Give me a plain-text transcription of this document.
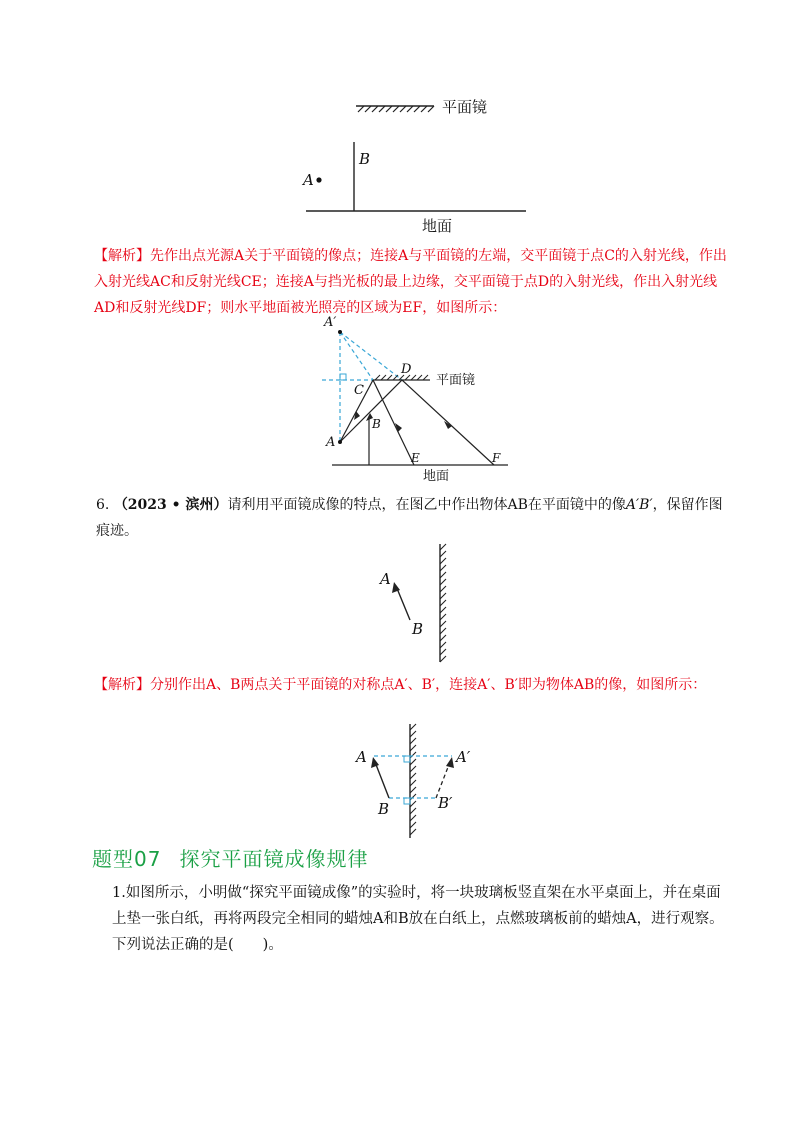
平面镜
B
A
地面
【解析】先作出点光源A关于平面镜的像点；连接A与平面镜的左端，交平面镜于点C的入射光线，作出入射光线AC和反射光线CE；连接A与挡光板的最上边缘，交平面镜于点D的入射光线，作出入射光线AD和反射光线DF；则水平地面被光照亮的区域为EF，如图所示：
A′
D
C
平面镜
B
A
E	F
地面
6. （2023 • 滨州）请利用平面镜成像的特点，在图乙中作出物体AB在平面镜中的像A′B′，保留作图痕迹。
A
B
【解析】分别作出A、B两点关于平面镜的对称点A′、B′，连接A′、B′即为物体AB的像，如图所示：
A
B
A′
B′
题型07 探究平面镜成像规律
1.如图所示，小明做“探究平面镜成像”的实验时，将一块玻璃板竖直架在水平桌面上，并在桌面上垫一张白纸，再将两段完全相同的蜡烛A和B放在白纸上，点燃玻璃板前的蜡烛A，进行观察。下列说法正确的是(　　)。
